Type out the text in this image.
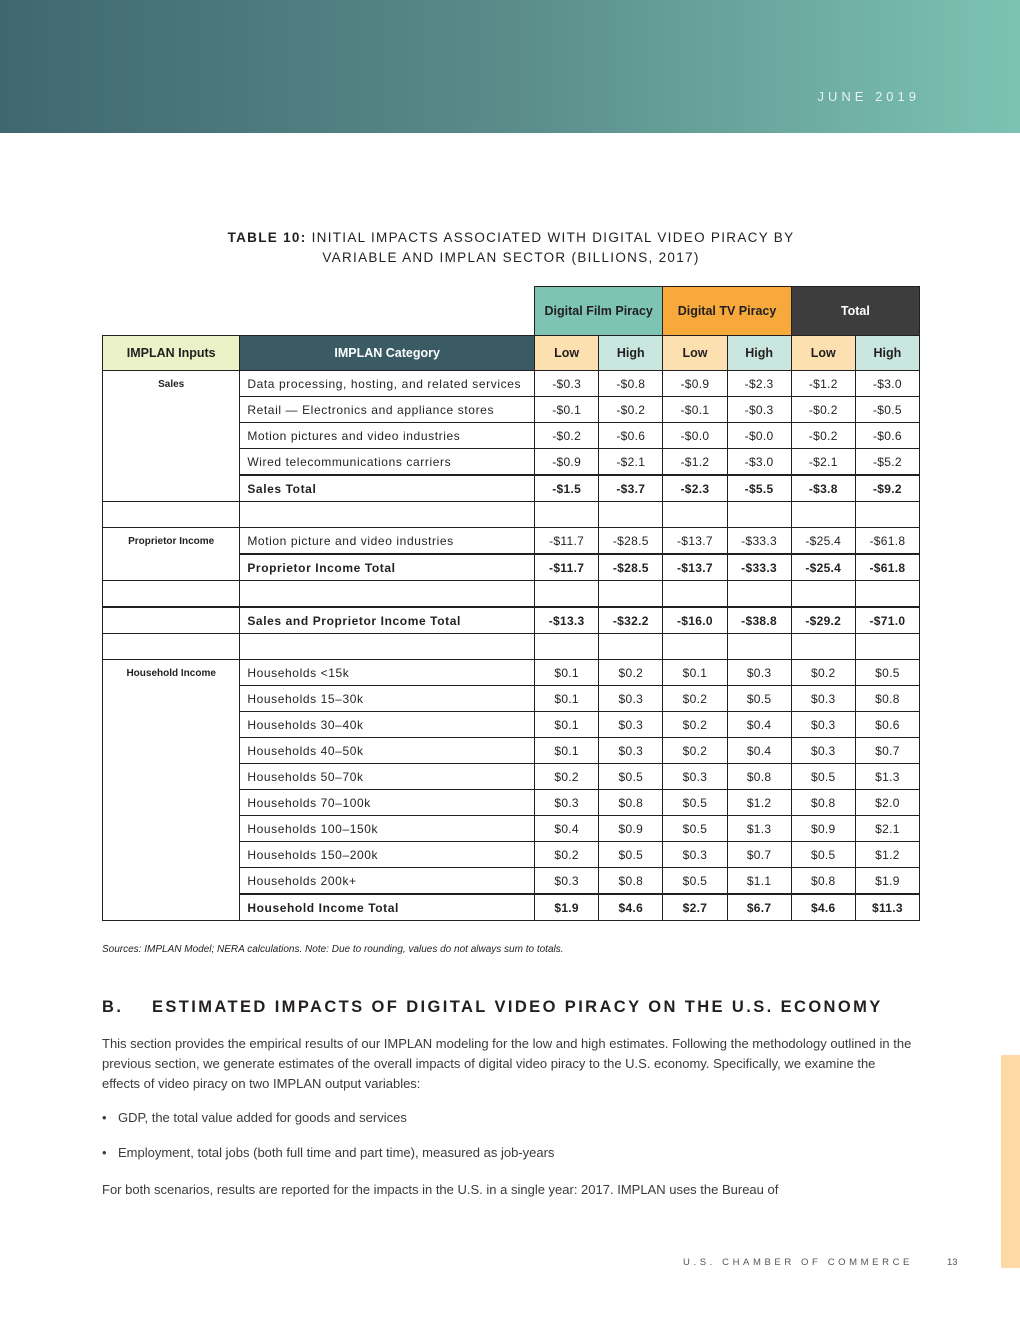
JUNE 2019
TABLE 10: INITIAL IMPACTS ASSOCIATED WITH DIGITAL VIDEO PIRACY BY
VARIABLE AND IMPLAN SECTOR (BILLIONS, 2017)
		Digital Film Piracy		Digital TV Piracy		Total	
IMPLAN Inputs	IMPLAN Category	Low	High	Low	High	Low	High
Sales	Data processing, hosting, and related services	-$0.3	-$0.8	-$0.9	-$2.3	-$1.2	-$3.0
	Retail — Electronics and appliance stores	-$0.1	-$0.2	-$0.1	-$0.3	-$0.2	-$0.5
	Motion pictures and video industries	-$0.2	-$0.6	-$0.0	-$0.0	-$0.2	-$0.6
	Wired telecommunications carriers	-$0.9	-$2.1	-$1.2	-$3.0	-$2.1	-$5.2
	Sales Total	-$1.5	-$3.7	-$2.3	-$5.5	-$3.8	-$9.2

Proprietor Income	Motion picture and video industries	-$11.7	-$28.5	-$13.7	-$33.3	-$25.4	-$61.8
	Proprietor Income Total	-$11.7	-$28.5	-$13.7	-$33.3	-$25.4	-$61.8

	Sales and Proprietor Income Total	-$13.3	-$32.2	-$16.0	-$38.8	-$29.2	-$71.0

Household Income	Households <15k	$0.1	$0.2	$0.1	$0.3	$0.2	$0.5
	Households 15–30k	$0.1	$0.3	$0.2	$0.5	$0.3	$0.8
	Households 30–40k	$0.1	$0.3	$0.2	$0.4	$0.3	$0.6
	Households 40–50k	$0.1	$0.3	$0.2	$0.4	$0.3	$0.7
	Households 50–70k	$0.2	$0.5	$0.3	$0.8	$0.5	$1.3
	Households 70–100k	$0.3	$0.8	$0.5	$1.2	$0.8	$2.0
	Households 100–150k	$0.4	$0.9	$0.5	$1.3	$0.9	$2.1
	Households 150–200k	$0.2	$0.5	$0.3	$0.7	$0.5	$1.2
	Households 200k+	$0.3	$0.8	$0.5	$1.1	$0.8	$1.9
	Household Income Total	$1.9	$4.6	$2.7	$6.7	$4.6	$11.3
Sources: IMPLAN Model; NERA calculations. Note: Due to rounding, values do not always sum to totals.
B. ESTIMATED IMPACTS OF DIGITAL VIDEO PIRACY ON THE U.S. ECONOMY
This section provides the empirical results of our IMPLAN modeling for the low and high estimates. Following the methodology outlined in the previous section, we generate estimates of the overall impacts of digital video piracy to the U.S. economy. Specifically, we examine the effects of video piracy on two IMPLAN output variables:
• GDP, the total value added for goods and services
• Employment, total jobs (both full time and part time), measured as job-years
For both scenarios, results are reported for the impacts in the U.S. in a single year: 2017. IMPLAN uses the Bureau of
U.S. CHAMBER OF COMMERCE	13
